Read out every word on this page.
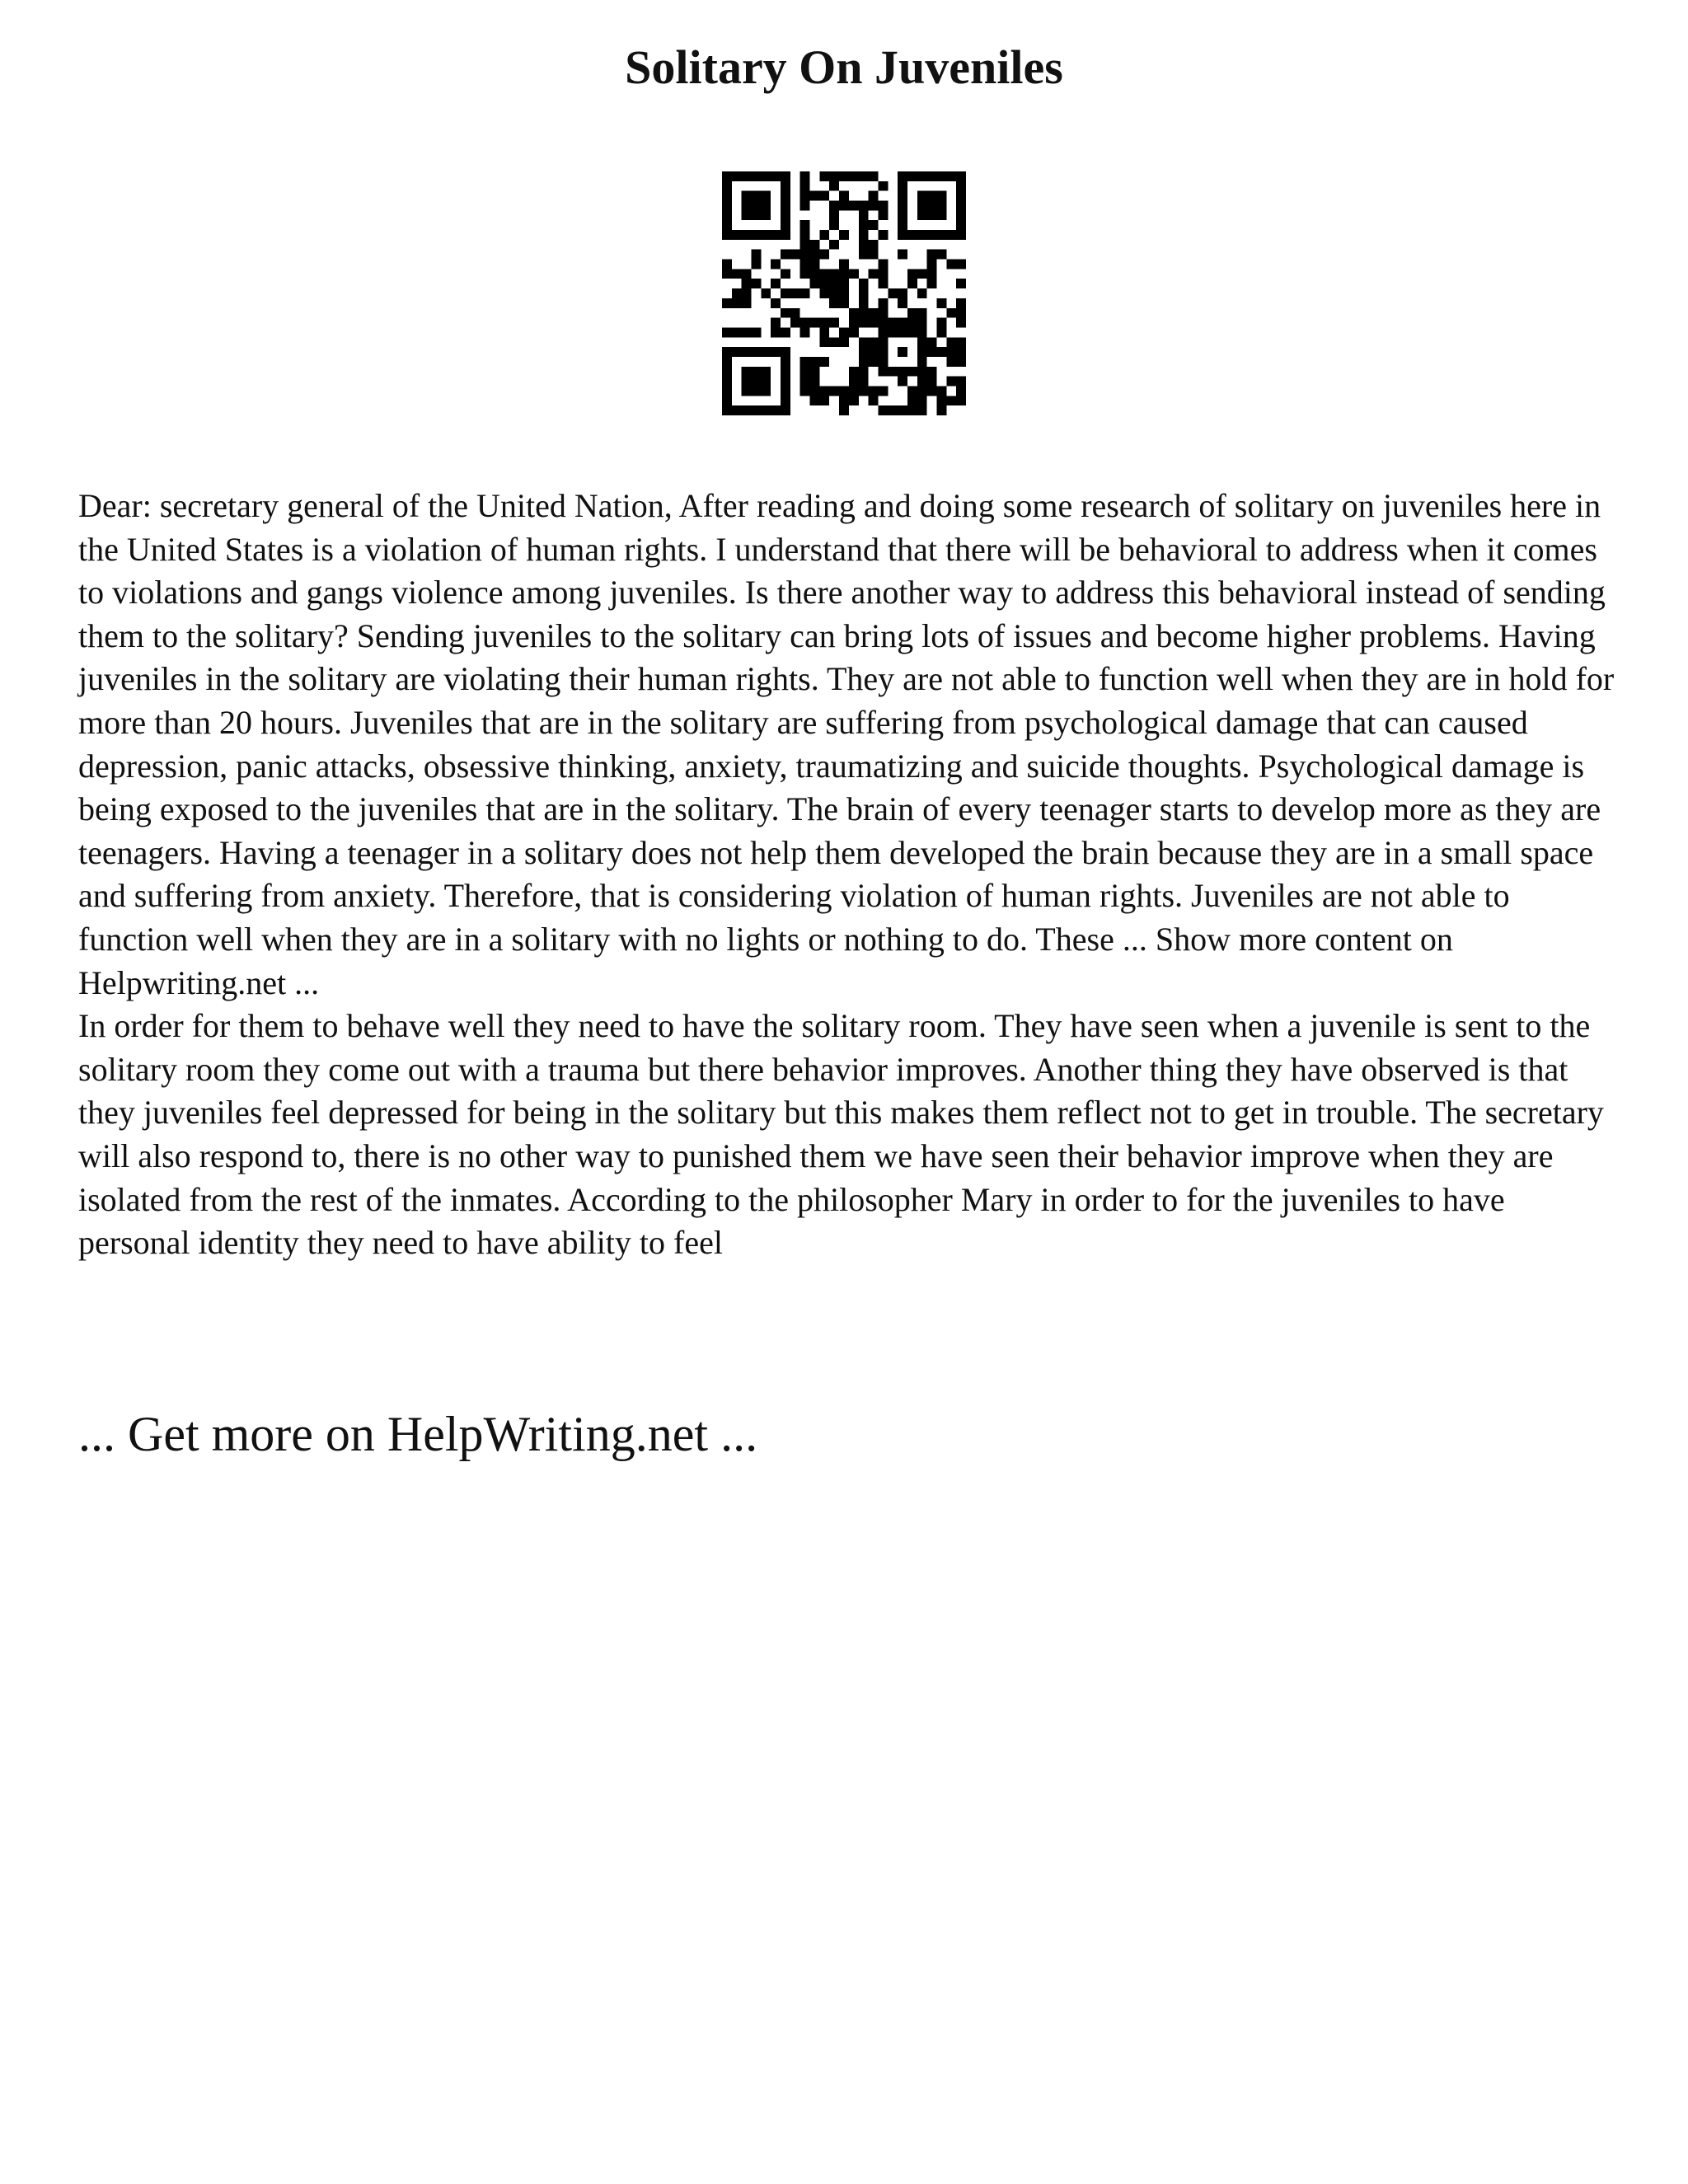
Solitary On Juveniles

Dear: secretary general of the United Nation, After reading and doing some research of solitary on juveniles here in the United States is a violation of human rights. I understand that there will be behavioral to address when it comes to violations and gangs violence among juveniles. Is there another way to address this behavioral instead of sending them to the solitary? Sending juveniles to the solitary can bring lots of issues and become higher problems. Having juveniles in the solitary are violating their human rights. They are not able to function well when they are in hold for more than 20 hours. Juveniles that are in the solitary are suffering from psychological damage that can caused depression, panic attacks, obsessive thinking, anxiety, traumatizing and suicide thoughts. Psychological damage is being exposed to the juveniles that are in the solitary. The brain of every teenager starts to develop more as they are teenagers. Having a teenager in a solitary does not help them developed the brain because they are in a small space and suffering from anxiety. Therefore, that is considering violation of human rights. Juveniles are not able to function well when they are in a solitary with no lights or nothing to do. These ... Show more content on Helpwriting.net ...

In order for them to behave well they need to have the solitary room. They have seen when a juvenile is sent to the solitary room they come out with a trauma but there behavior improves. Another thing they have observed is that they juveniles feel depressed for being in the solitary but this makes them reflect not to get in trouble. The secretary will also respond to, there is no other way to punished them we have seen their behavior improve when they are isolated from the rest of the inmates. According to the philosopher Mary in order to for the juveniles to have personal identity they need to have ability to feel

... Get more on HelpWriting.net ...
